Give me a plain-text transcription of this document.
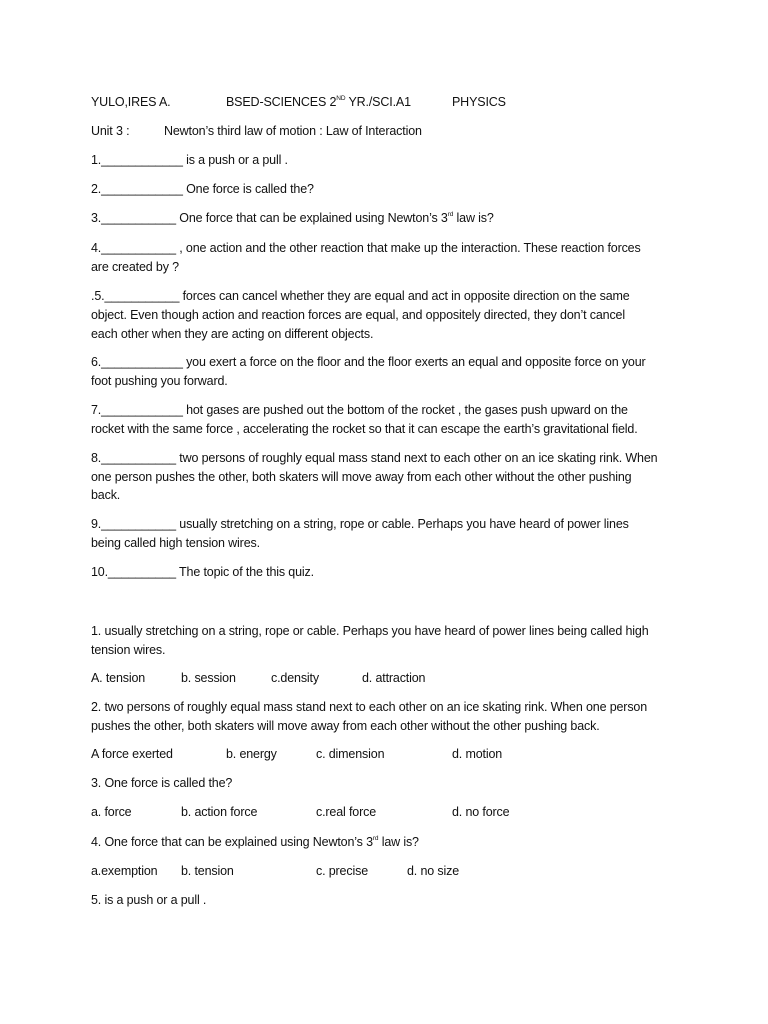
YULO,IRES A.	BSED-SCIENCES 2ND YR./SCI.A1	PHYSICS
Unit 3 :	Newton’s third law of motion : Law of Interaction
1.____________ is a push or a pull .
2.____________ One force is called the?
3.___________ One force that can be explained using Newton’s 3rd law is?
4.___________ , one action and the other reaction that make up the interaction. These reaction forces
are created by ?
.5.___________ forces can cancel whether they are equal and act in opposite direction on the same
object. Even though action and reaction forces are equal, and oppositely directed, they don’t cancel
each other when they are acting on different objects.
6.____________ you exert a force on the floor and the floor exerts an equal and opposite force on your
foot pushing you forward.
7.____________ hot gases are pushed out the bottom of the rocket , the gases push upward on the
rocket with the same force , accelerating the rocket so that it can escape the earth’s gravitational field.
8.___________ two persons of roughly equal mass stand next to each other on an ice skating rink. When
one person pushes the other, both skaters will move away from each other without the other pushing
back.
9.___________ usually stretching on a string, rope or cable. Perhaps you have heard of power lines
being called high tension wires.
10.__________ The topic of the this quiz.
1. usually stretching on a string, rope or cable. Perhaps you have heard of power lines being called high
tension wires.
A. tension	b. session	c.density	d. attraction
2. two persons of roughly equal mass stand next to each other on an ice skating rink. When one person
pushes the other, both skaters will move away from each other without the other pushing back.
A force exerted	b. energy	c. dimension	d. motion
3. One force is called the?
a. force	b. action force	c.real force	d. no force
4. One force that can be explained using Newton’s 3rd law is?
a.exemption b. tension	c. precise	d. no size
5. is a push or a pull .
